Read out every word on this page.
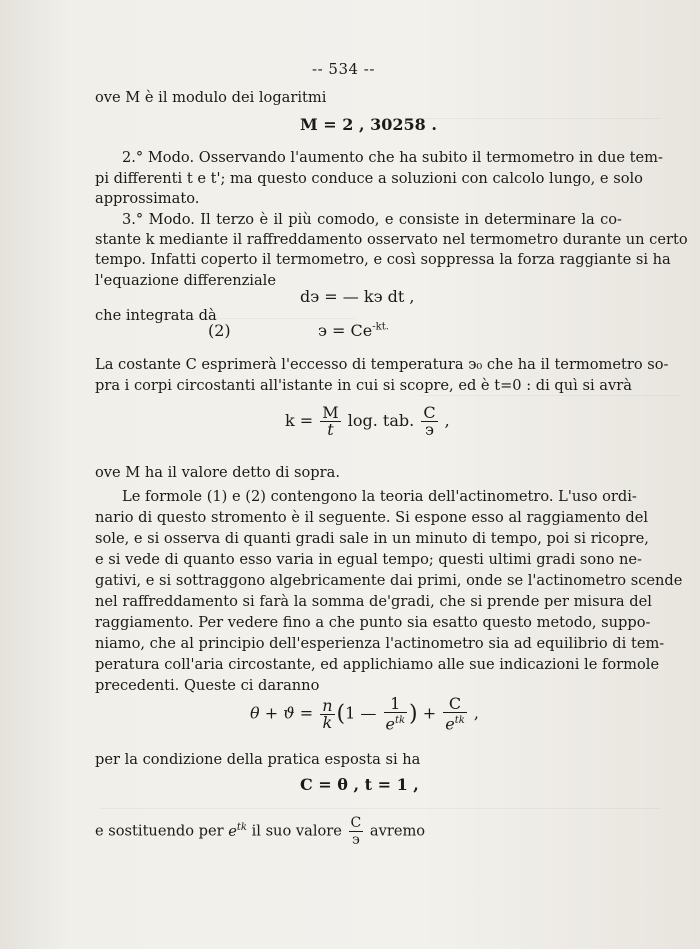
-- 534 --
ove M è il modulo dei logaritmi
M = 2 , 30258 .
2.° Modo. Osservando l'aumento che ha subito il termometro in due tem-
pi differenti t e t'; ma questo conduce a soluzioni con calcolo lungo, e solo
approssimato.
3.° Modo. Il terzo è il più comodo, e consiste in determinare la co-
stante k mediante il raffreddamento osservato nel termometro durante un certo
tempo. Infatti coperto il termometro, e così soppressa la forza raggiante si ha
l'equazione differenziale
d϶ = — k϶ dt ,
che integrata dà
(2)	϶ = $Ce^{-kt.}$
La costante C esprimerà l'eccesso di temperatura ϶₀ che ha il termometro so-
pra i corpi circostanti all'istante in cui si scopre, ed è t=0 : di quì si avrà
$k = \frac{M}{t} \log$. tab. $\frac{C}{϶}$ ,
ove M ha il valore detto di sopra.
Le formole (1) e (2) contengono la teoria dell'actinometro. L'uso ordi-
nario di questo stromento è il seguente. Si espone esso al raggiamento del
sole, e si osserva di quanti gradi sale in un minuto di tempo, poi si ricopre,
e si vede di quanto esso varia in egual tempo; questi ultimi gradi sono ne-
gativi, e si sottraggono algebricamente dai primi, onde se l'actinometro scende
nel raffreddamento si farà la somma de'gradi, che si prende per misura del
raggiamento. Per vedere fino a che punto sia esatto questo metodo, suppo-
niamo, che al principio dell'esperienza l'actinometro sia ad equilibrio di tem-
peratura coll'aria circostante, ed applichiamo alle sue indicazioni le formole
precedenti. Queste ci daranno
$\theta + ϑ = \frac{n}{k} (1$ — $\frac{1}{e^{tk}}$ ) + $\frac{C}{e^{tk}}$ ,
per la condizione della pratica esposta si ha
C = θ , t = 1 ,
e sostituendo per $e^{tk}$ il suo valore $\frac{C}{϶}$ avremo
